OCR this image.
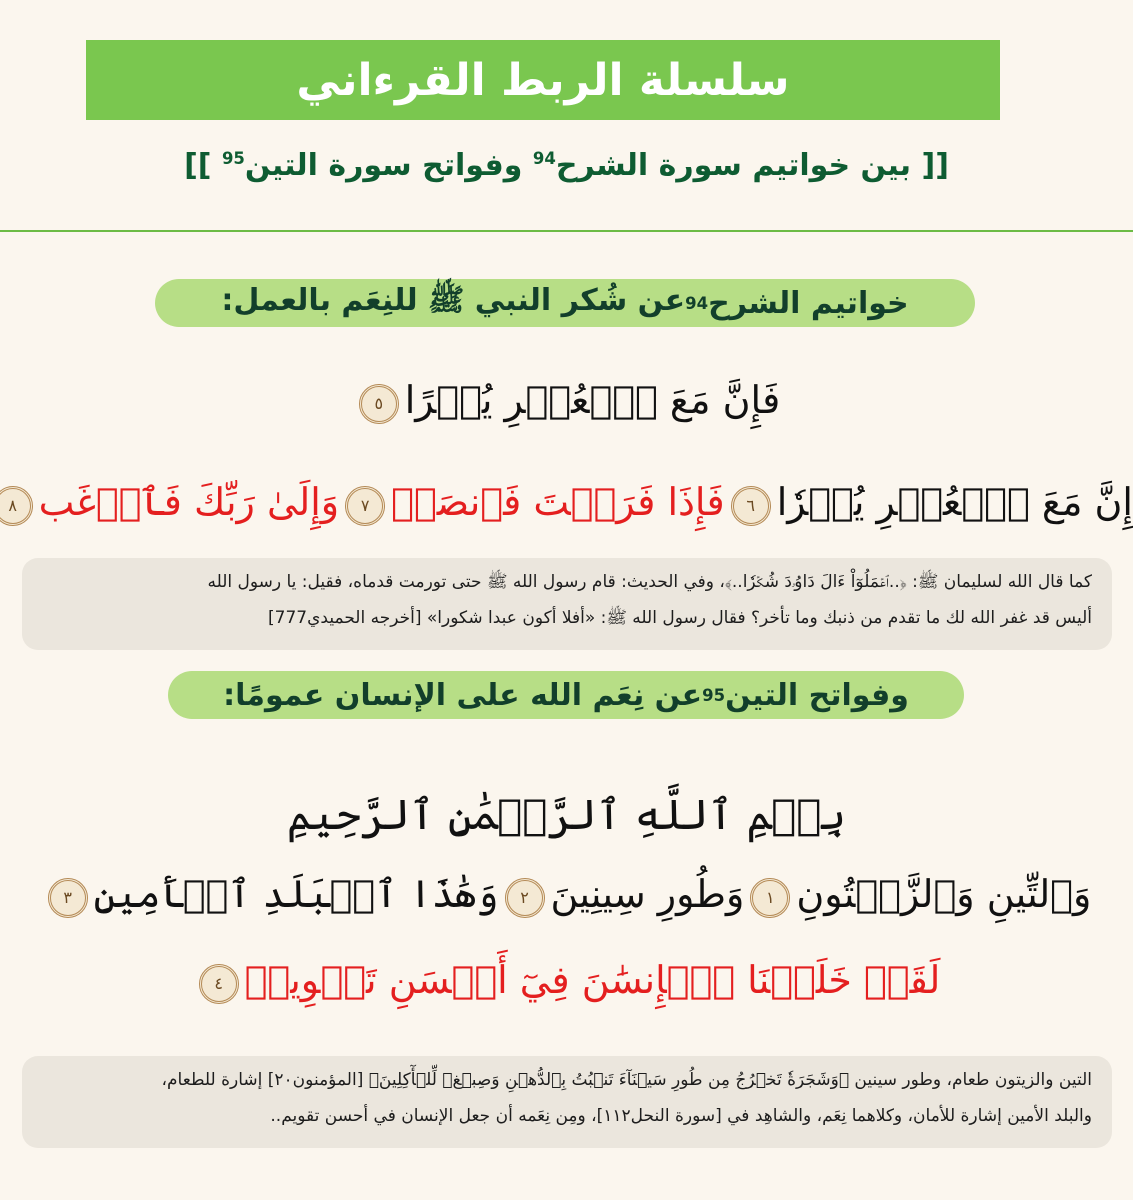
سلسلة الربط القرءاني
[[ بين خواتيم سورة الشرح$^{94}$ وفواتح سورة التين$^{95}$ ]]
خواتيم الشرح
94
عن شُكر النبي ﷺ للنِعَم بالعمل:
فَإِنَّ مَعَ ٱلۡعُسۡرِ يُسۡرًا٥
إِنَّ مَعَ ٱلۡعُسۡرِ يُسۡرٗا٦فَإِذَا فَرَغۡتَ فَٱنصَبۡ٧وَإِلَىٰ رَبِّكَ فَٱرۡغَب٨

كما قال الله لسليمان ﷺ: ﴿..ٱعۡمَلُوٓاْ ءَالَ دَاوُۥدَ شُكۡرٗا..﴾، وفي الحديث: قام رسول الله ﷺ حتى تورمت قدماه، فقيل: يا رسول الله

أليس قد غفر الله لك ما تقدم من ذنبك وما تأخر؟ فقال رسول الله ﷺ: «أفلا أكون عبدا شكورا» [أخرجه الحميدي777]

وفواتح التين
95
عن نِعَم الله على الإنسان عمومًا:
بِسۡمِ ٱللَّهِ ٱلرَّحۡمَٰنِ ٱلرَّحِيمِ
وَٱلتِّينِ وَٱلزَّيۡتُونِ١وَطُورِ سِينِينَ٢وَهَٰذَا ٱلۡبَلَدِ ٱلۡأَمِينِ٣
لَقَدۡ خَلَقۡنَا ٱلۡإِنسَٰنَ فِيٓ أَحۡسَنِ تَقۡوِيمٖ٤

التين والزيتون طعام، وطور سينين ﴿وَشَجَرَةٗ تَخۡرُجُ مِن طُورِ سَيۡنَآءَ تَنۢبُتُ بِٱلدُّهۡنِ وَصِبۡغٖ لِّلۡأٓكِلِينَ﴾ [المؤمنون٢٠] إشارة للطعام،

والبلد الأمين إشارة للأمان، وكلاهما نِعَم، والشاهِد في [سورة النحل١١٢]، ومِن نِعَمه أن جعل الإنسان في أحسن تقويم..
